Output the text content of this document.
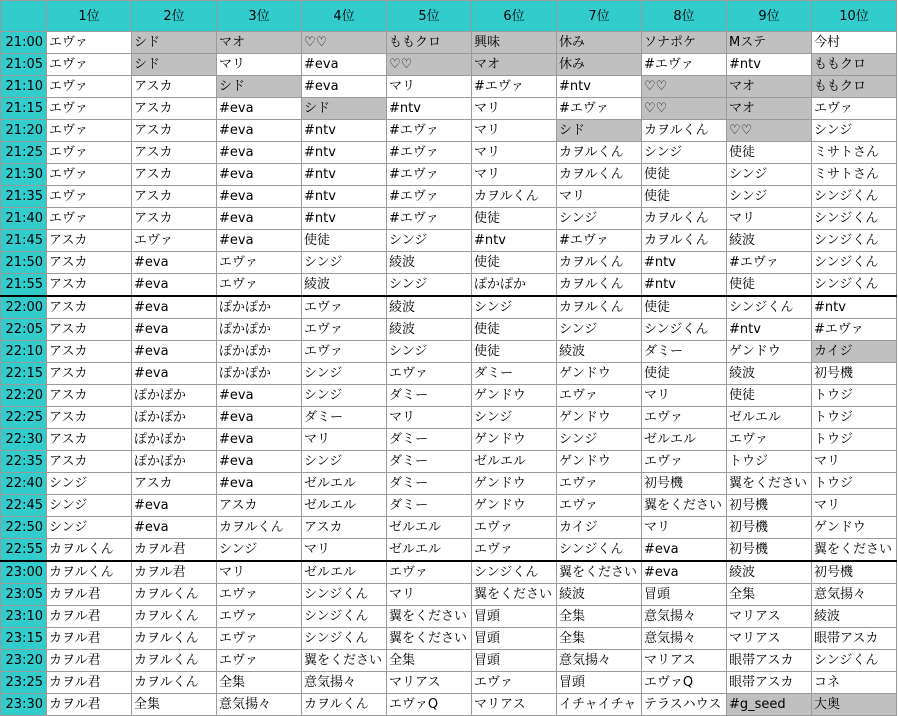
	1位	2位	3位	4位	5位	6位	7位	8位	9位	10位
21:00	エヴァ	シド	マオ	♡♡	ももクロ	興味	休み	ソナポケ	Mステ	今村
21:05	エヴァ	シド	マリ	#eva	♡♡	マオ	休み	#エヴァ	#ntv	ももクロ
21:10	エヴァ	アスカ	シド	#eva	マリ	#エヴァ	#ntv	♡♡	マオ	ももクロ
21:15	エヴァ	アスカ	#eva	シド	#ntv	マリ	#エヴァ	♡♡	マオ	エヴァ
21:20	エヴァ	アスカ	#eva	#ntv	#エヴァ	マリ	シド	カヲルくん	♡♡	シンジ
21:25	エヴァ	アスカ	#eva	#ntv	#エヴァ	マリ	カヲルくん	シンジ	使徒	ミサトさん
21:30	エヴァ	アスカ	#eva	#ntv	#エヴァ	マリ	カヲルくん	使徒	シンジ	ミサトさん
21:35	エヴァ	アスカ	#eva	#ntv	#エヴァ	カヲルくん	マリ	使徒	シンジ	シンジくん
21:40	エヴァ	アスカ	#eva	#ntv	#エヴァ	使徒	シンジ	カヲルくん	マリ	シンジくん
21:45	アスカ	エヴァ	#eva	使徒	シンジ	#ntv	#エヴァ	カヲルくん	綾波	シンジくん
21:50	アスカ	#eva	エヴァ	シンジ	綾波	使徒	カヲルくん	#ntv	#エヴァ	シンジくん
21:55	アスカ	#eva	エヴァ	綾波	シンジ	ぽかぽか	カヲルくん	#ntv	使徒	シンジくん
22:00	アスカ	#eva	ぽかぽか	エヴァ	綾波	シンジ	カヲルくん	使徒	シンジくん	#ntv
22:05	アスカ	#eva	ぽかぽか	エヴァ	綾波	使徒	シンジ	シンジくん	#ntv	#エヴァ
22:10	アスカ	#eva	ぽかぽか	エヴァ	シンジ	使徒	綾波	ダミー	ゲンドウ	カイジ
22:15	アスカ	#eva	ぽかぽか	シンジ	エヴァ	ダミー	ゲンドウ	使徒	綾波	初号機
22:20	アスカ	ぽかぽか	#eva	シンジ	ダミー	ゲンドウ	エヴァ	マリ	使徒	トウジ
22:25	アスカ	ぽかぽか	#eva	ダミー	マリ	シンジ	ゲンドウ	エヴァ	ゼルエル	トウジ
22:30	アスカ	ぽかぽか	#eva	マリ	ダミー	ゲンドウ	シンジ	ゼルエル	エヴァ	トウジ
22:35	アスカ	ぽかぽか	#eva	シンジ	ダミー	ゼルエル	ゲンドウ	エヴァ	トウジ	マリ
22:40	シンジ	アスカ	#eva	ゼルエル	ダミー	ゲンドウ	エヴァ	初号機	翼をください	トウジ
22:45	シンジ	#eva	アスカ	ゼルエル	ダミー	ゲンドウ	エヴァ	翼をください	初号機	マリ
22:50	シンジ	#eva	カヲルくん	アスカ	ゼルエル	エヴァ	カイジ	マリ	初号機	ゲンドウ
22:55	カヲルくん	カヲル君	シンジ	マリ	ゼルエル	エヴァ	シンジくん	#eva	初号機	翼をください
23:00	カヲルくん	カヲル君	マリ	ゼルエル	エヴァ	シンジくん	翼をください	#eva	綾波	初号機
23:05	カヲル君	カヲルくん	エヴァ	シンジくん	マリ	翼をください	綾波	冒頭	全集	意気揚々
23:10	カヲル君	カヲルくん	エヴァ	シンジくん	翼をください	冒頭	全集	意気揚々	マリアス	綾波
23:15	カヲル君	カヲルくん	エヴァ	シンジくん	翼をください	冒頭	全集	意気揚々	マリアス	眼帯アスカ
23:20	カヲル君	カヲルくん	エヴァ	翼をください	全集	冒頭	意気揚々	マリアス	眼帯アスカ	シンジくん
23:25	カヲル君	カヲルくん	全集	意気揚々	マリアス	エヴァ	冒頭	エヴァQ	眼帯アスカ	コネ
23:30	カヲル君	全集	意気揚々	カヲルくん	エヴァQ	マリアス	イチャイチャ	テラスハウス	#g_seed	大奥
